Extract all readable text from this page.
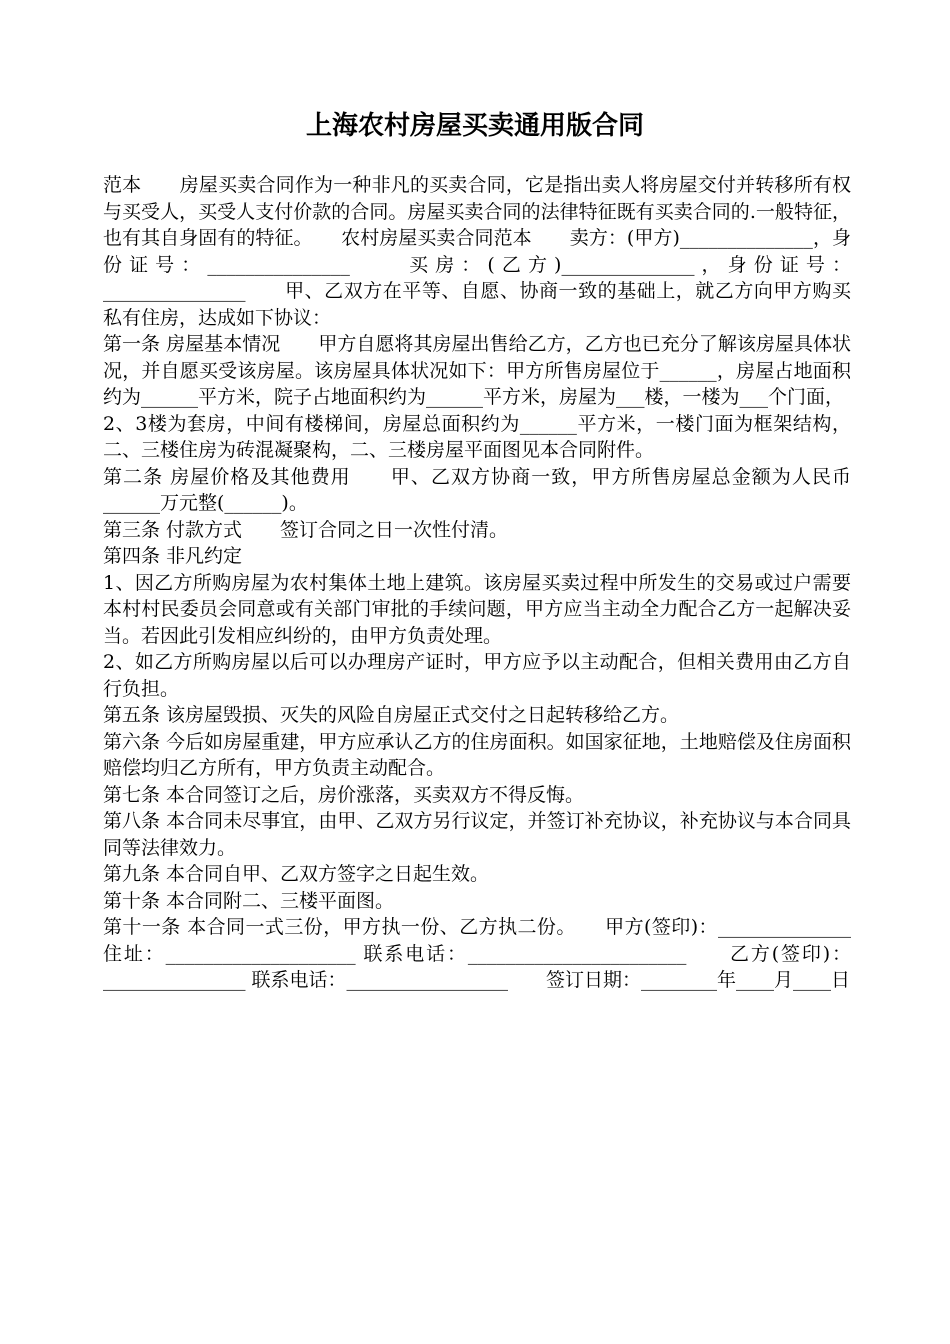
上海农村房屋买卖通用版合同

范本　　房屋买卖合同作为一种非凡的买卖合同，它是指出卖人将房屋交付并转移所有权与买受人，买受人支付价款的合同。房屋买卖合同的法律特征既有买卖合同的.一般特征，也有其自身固有的特征。　　农村房屋买卖合同范本　　卖方：(甲方)______________，身份证号：_______________　　买房：(乙方)______________，身份证号：_______________　　甲、乙双方在平等、自愿、协商一致的基础上，就乙方向甲方购买私有住房，达成如下协议：

第一条 房屋基本情况　　甲方自愿将其房屋出售给乙方，乙方也已充分了解该房屋具体状况，并自愿买受该房屋。该房屋具体状况如下：甲方所售房屋位于______，房屋占地面积约为______平方米，院子占地面积约为______平方米，房屋为___楼，一楼为___个门面，

2、3楼为套房，中间有楼梯间，房屋总面积约为______平方米，一楼门面为框架结构，二、三楼住房为砖混凝聚构，二、三楼房屋平面图见本合同附件。

第二条 房屋价格及其他费用　　甲、乙双方协商一致，甲方所售房屋总金额为人民币______万元整(______)。

第三条 付款方式　　签订合同之日一次性付清。

第四条 非凡约定

1、因乙方所购房屋为农村集体土地上建筑。该房屋买卖过程中所发生的交易或过户需要本村村民委员会同意或有关部门审批的手续问题，甲方应当主动全力配合乙方一起解决妥当。若因此引发相应纠纷的，由甲方负责处理。

2、如乙方所购房屋以后可以办理房产证时，甲方应予以主动配合，但相关费用由乙方自行负担。

第五条 该房屋毁损、灭失的风险自房屋正式交付之日起转移给乙方。

第六条 今后如房屋重建，甲方应承认乙方的住房面积。如国家征地，土地赔偿及住房面积赔偿均归乙方所有，甲方负责主动配合。

第七条 本合同签订之后，房价涨落，买卖双方不得反悔。

第八条 本合同未尽事宜，由甲、乙双方另行议定，并签订补充协议，补充协议与本合同具同等法律效力。

第九条 本合同自甲、乙双方签字之日起生效。

第十条 本合同附二、三楼平面图。

第十一条 本合同一式三份，甲方执一份、乙方执二份。　　甲方(签印)：______________ 住址：____________________ 联系电话：_______________________　　乙方(签印)：_______________ 联系电话：_________________　　签订日期：________年____月____日
